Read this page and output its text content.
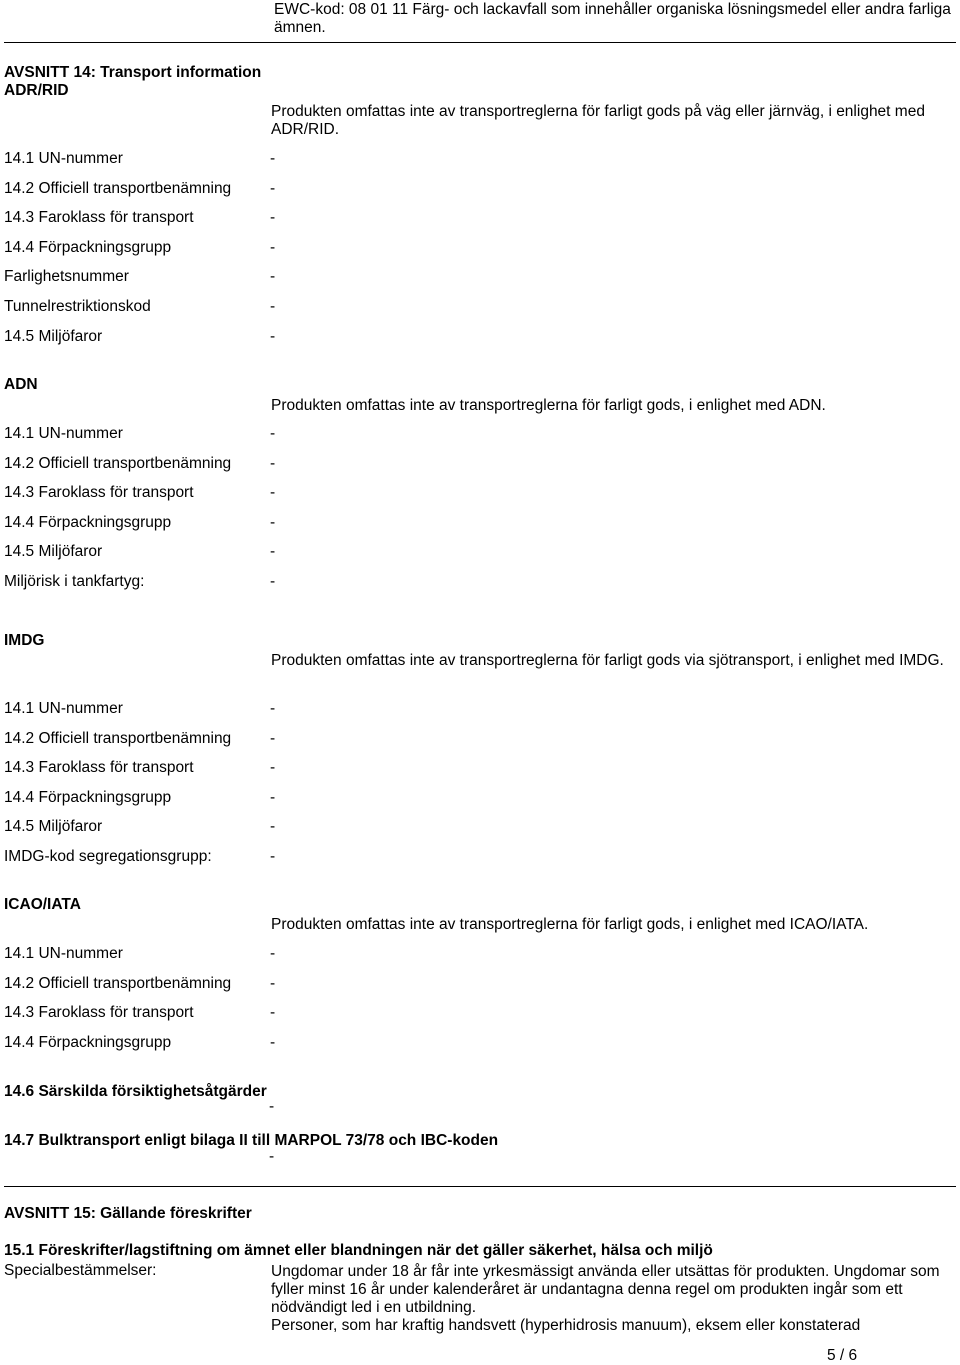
EWC-kod: 08 01 11 Färg- och lackavfall som innehåller organiska lösningsmedel eller andra farliga ämnen.
AVSNITT 14: Transport information
ADR/RID
Produkten omfattas inte av transportreglerna för farligt gods på väg eller järnväg, i enlighet med ADR/RID.
14.1 UN-nummer	-
14.2 Officiell transportbenämning	-
14.3 Faroklass för transport	-
14.4 Förpackningsgrupp	-
Farlighetsnummer	-
Tunnelrestriktionskod	-
14.5 Miljöfaror	-
ADN
Produkten omfattas inte av transportreglerna för farligt gods, i enlighet med ADN.
14.1 UN-nummer	-
14.2 Officiell transportbenämning	-
14.3 Faroklass för transport	-
14.4 Förpackningsgrupp	-
14.5 Miljöfaror	-
Miljörisk i tankfartyg:	-
IMDG
Produkten omfattas inte av transportreglerna för farligt gods via sjötransport, i enlighet med IMDG.
14.1 UN-nummer	-
14.2 Officiell transportbenämning	-
14.3 Faroklass för transport	-
14.4 Förpackningsgrupp	-
14.5 Miljöfaror	-
IMDG-kod segregationsgrupp:	-
ICAO/IATA
Produkten omfattas inte av transportreglerna för farligt gods, i enlighet med ICAO/IATA.
14.1 UN-nummer	-
14.2 Officiell transportbenämning	-
14.3 Faroklass för transport	-
14.4 Förpackningsgrupp	-
14.6 Särskilda försiktighetsåtgärder
-
14.7 Bulktransport enligt bilaga II till MARPOL 73/78 och IBC-koden
-
AVSNITT 15: Gällande föreskrifter
15.1 Föreskrifter/lagstiftning om ämnet eller blandningen när det gäller säkerhet, hälsa och miljö
Specialbestämmelser:	Ungdomar under 18 år får inte yrkesmässigt använda eller utsättas för produkten. Ungdomar som fyller minst 16 år under kalenderåret är undantagna denna regel om produkten ingår som ett nödvändigt led i en utbildning.
Personer, som har kraftig handsvett (hyperhidrosis manuum), eksem eller konstaterad
5 / 6
